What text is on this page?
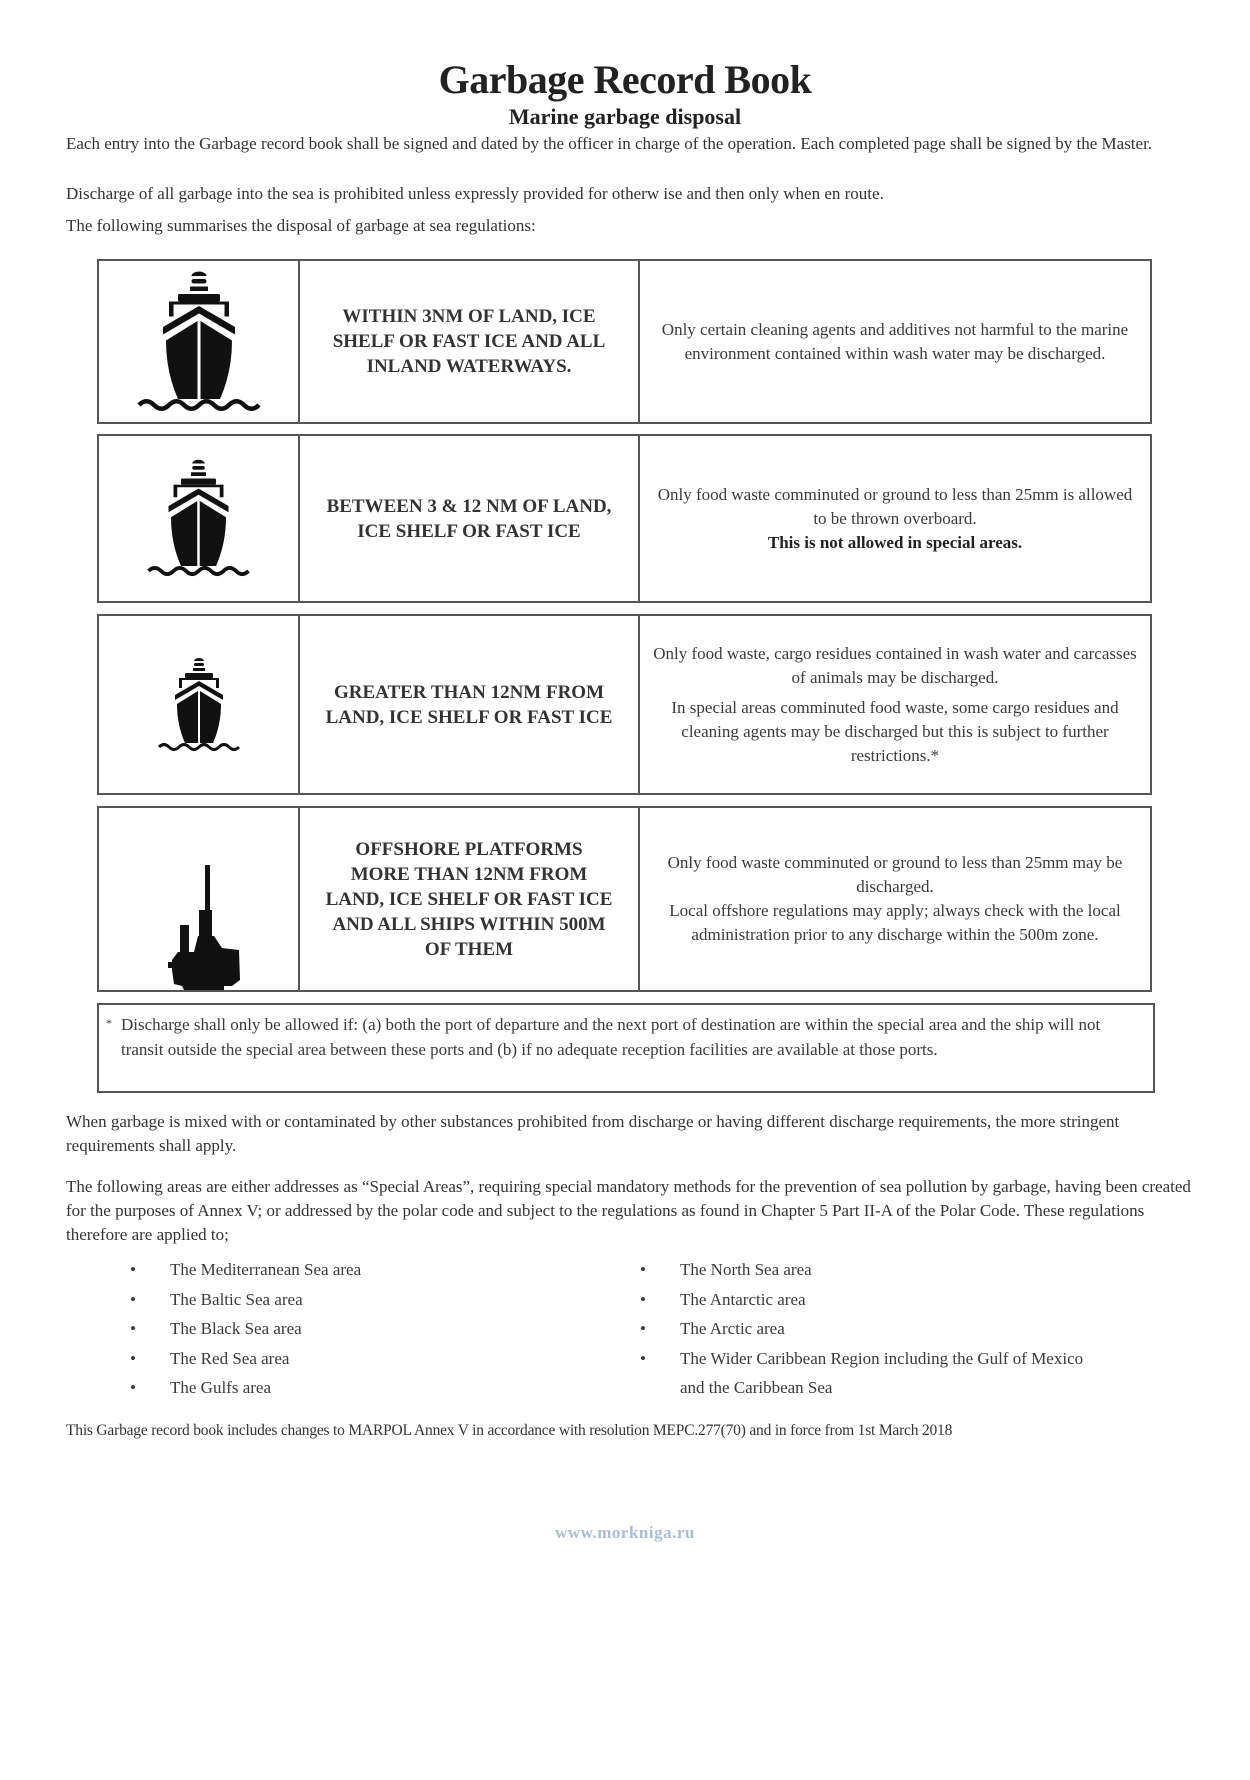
Garbage Record Book
Marine garbage disposal
Each entry into the Garbage record book shall be signed and dated by the officer in charge of the operation. Each completed page shall be signed by the Master.
Discharge of all garbage into the sea is prohibited unless expressly provided for otherw ise and then only when en route.
The following summarises the disposal of garbage at sea regulations:
WITHIN 3NM OF LAND, ICE SHELF OR FAST ICE AND ALL INLAND WATERWAYS.

Only certain cleaning agents and additives not harmful to the marine environment contained within wash water may be discharged.

BETWEEN 3 & 12 NM OF LAND, ICE SHELF OR FAST ICE

Only food waste comminuted or ground to less than 25mm is allowed to be thrown overboard.

This is not allowed in special areas.

GREATER THAN 12NM FROM LAND, ICE SHELF OR FAST ICE

Only food waste, cargo residues contained in wash water and carcasses of animals may be discharged.

In special areas comminuted food waste, some cargo residues and cleaning agents may be discharged but this is subject to further restrictions.*

OFFSHORE PLATFORMS MORE THAN 12NM FROM LAND, ICE SHELF OR FAST ICE AND ALL SHIPS WITHIN 500M OF THEM

Only food waste comminuted or ground to less than 25mm may be discharged.

Local offshore regulations may apply; always check with the local administration prior to any discharge within the 500m zone.

* Discharge shall only be allowed if: (a) both the port of departure and the next port of destination are within the special area and the ship will not transit outside the special area between these ports and (b) if no adequate reception facilities are available at those ports.
When garbage is mixed with or contaminated by other substances prohibited from discharge or having different discharge requirements, the more stringent requirements shall apply.
The following areas are either addresses as “Special Areas”, requiring special mandatory methods for the prevention of sea pollution by garbage, having been created for the purposes of Annex V; or addressed by the polar code and subject to the regulations as found in Chapter 5 Part II-A of the Polar Code. These regulations therefore are applied to;
• The Mediterranean Sea area
• The Baltic Sea area
• The Black Sea area
• The Red Sea area
• The Gulfs area
• The North Sea area
• The Antarctic area
• The Arctic area
• The Wider Caribbean Region including the Gulf of Mexico and the Caribbean Sea
This Garbage record book includes changes to MARPOL Annex V in accordance with resolution MEPC.277(70) and in force from 1st March 2018
www.morkniga.ru
